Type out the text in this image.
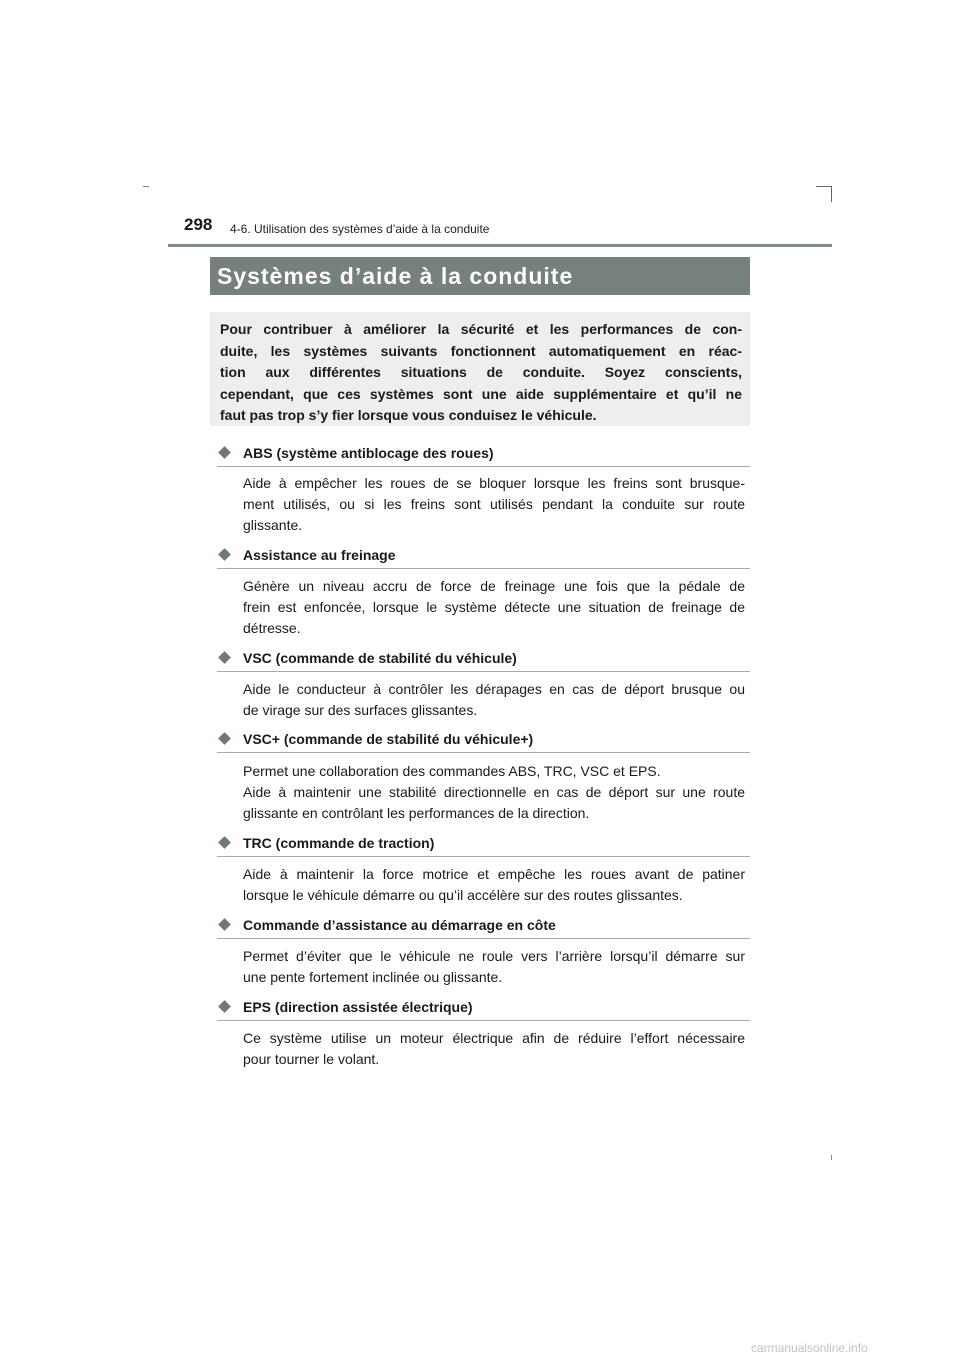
298 4-6. Utilisation des systèmes d’aide à la conduite
Systèmes d’aide à la conduite
Pour contribuer à améliorer la sécurité et les performances de con-
duite, les systèmes suivants fonctionnent automatiquement en réac-
tion aux différentes situations de conduite. Soyez conscients,
cependant, que ces systèmes sont une aide supplémentaire et qu’il ne
faut pas trop s’y fier lorsque vous conduisez le véhicule.
ABS (système antiblocage des roues)
Aide à empêcher les roues de se bloquer lorsque les freins sont brusque-
ment utilisés, ou si les freins sont utilisés pendant la conduite sur route
glissante.
Assistance au freinage
Génère un niveau accru de force de freinage une fois que la pédale de
frein est enfoncée, lorsque le système détecte une situation de freinage de
détresse.
VSC (commande de stabilité du véhicule)
Aide le conducteur à contrôler les dérapages en cas de déport brusque ou
de virage sur des surfaces glissantes.
VSC+ (commande de stabilité du véhicule+)
Permet une collaboration des commandes ABS, TRC, VSC et EPS.
Aide à maintenir une stabilité directionnelle en cas de déport sur une route
glissante en contrôlant les performances de la direction.
TRC (commande de traction)
Aide à maintenir la force motrice et empêche les roues avant de patiner
lorsque le véhicule démarre ou qu’il accélère sur des routes glissantes.
Commande d’assistance au démarrage en côte
Permet d’éviter que le véhicule ne roule vers l’arrière lorsqu’il démarre sur
une pente fortement inclinée ou glissante.
EPS (direction assistée électrique)
Ce système utilise un moteur électrique afin de réduire l’effort nécessaire
pour tourner le volant.
carmanualsonline.info
